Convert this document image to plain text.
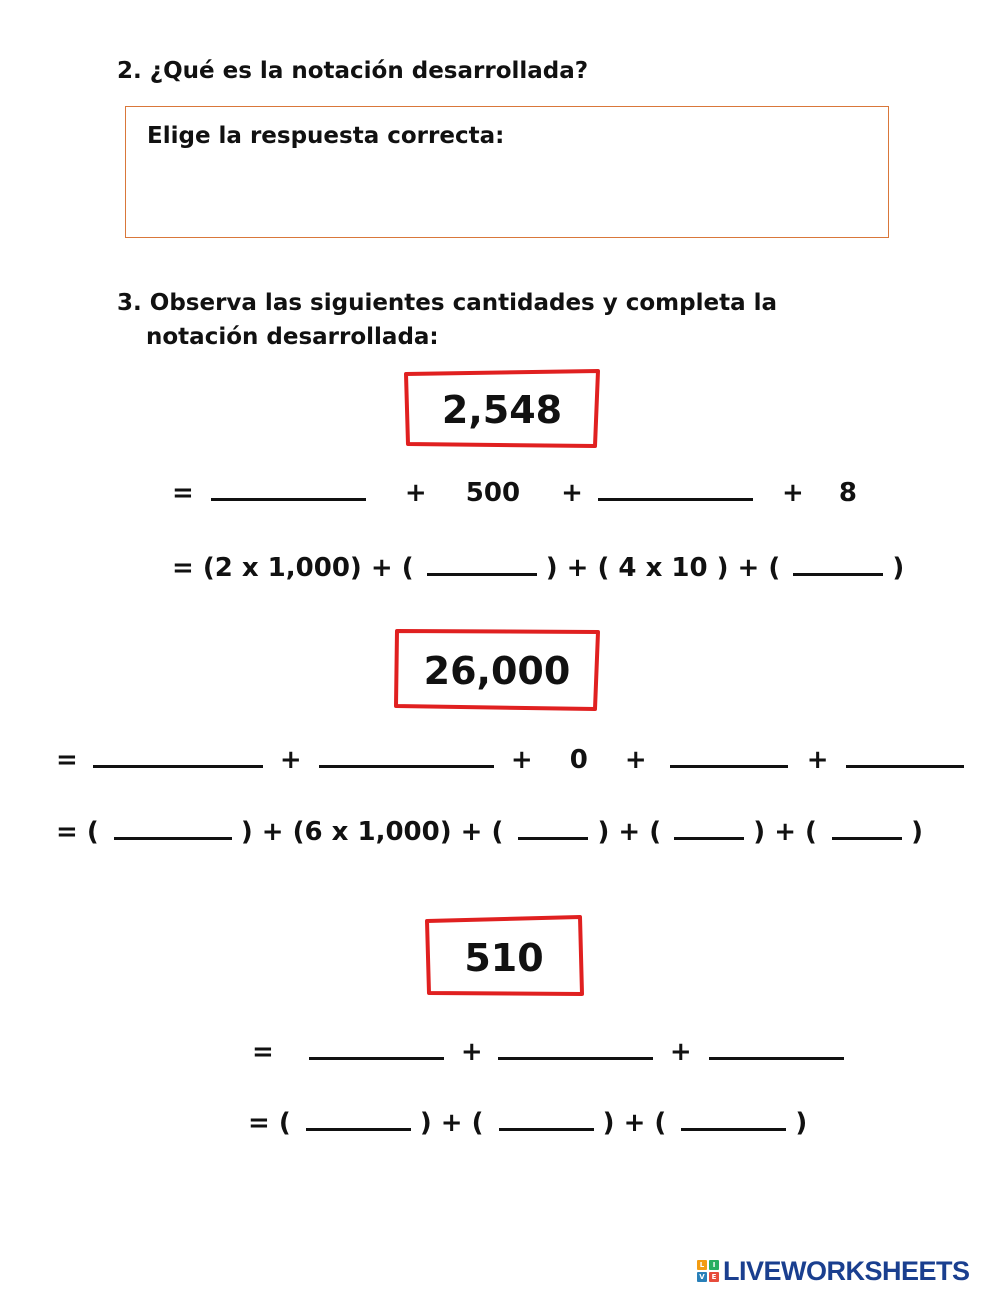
2. ¿Qué es la notación desarrollada?
Elige la respuesta correcta:
3. Observa las siguientes cantidades y completa la
notación desarrollada:
2,548
=	+ 500 +	+ 8
= (2 x 1,000) + (	) + ( 4 x 10 ) + (	)
26,000
=	+	+ 0 +	+
= (	) + (6 x 1,000) + (	) + (	) + (	)
510
=	+	+
= (	) + (	) + (	)
L	I
V E LIVEWORKSHEETS
